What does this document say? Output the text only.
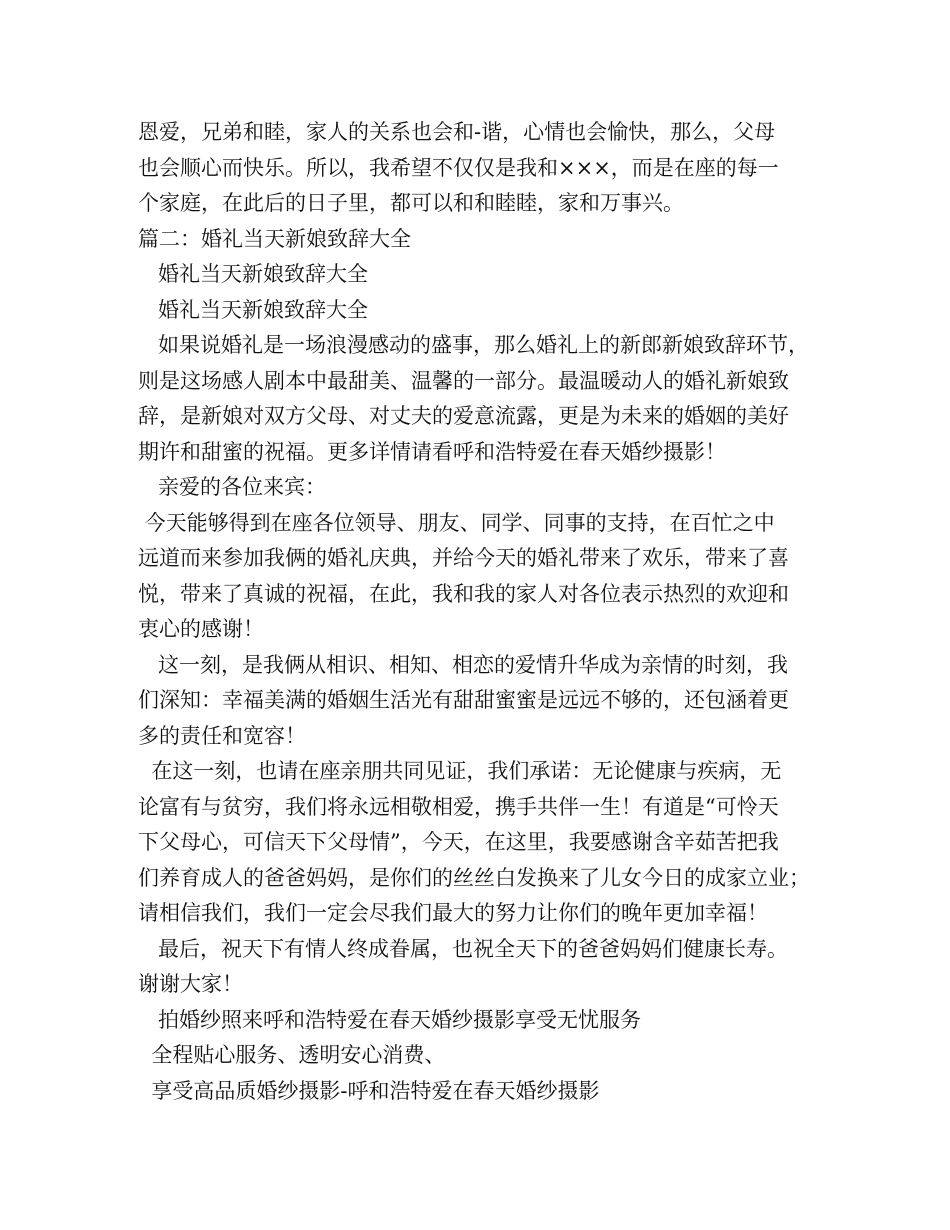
恩爱，兄弟和睦，家人的关系也会和-谐，心情也会愉快，那么，父母
也会顺心而快乐。所以，我希望不仅仅是我和×××，而是在座的每一
个家庭，在此后的日子里，都可以和和睦睦，家和万事兴。
篇二：婚礼当天新娘致辞大全
婚礼当天新娘致辞大全
婚礼当天新娘致辞大全
如果说婚礼是一场浪漫感动的盛事，那么婚礼上的新郎新娘致辞环节，
则是这场感人剧本中最甜美、温馨的一部分。最温暖动人的婚礼新娘致
辞，是新娘对双方父母、对丈夫的爱意流露，更是为未来的婚姻的美好
期许和甜蜜的祝福。更多详情请看呼和浩特爱在春天婚纱摄影！
亲爱的各位来宾：
今天能够得到在座各位领导、朋友、同学、同事的支持，在百忙之中
远道而来参加我俩的婚礼庆典，并给今天的婚礼带来了欢乐，带来了喜
悦，带来了真诚的祝福，在此，我和我的家人对各位表示热烈的欢迎和
衷心的感谢！
这一刻，是我俩从相识、相知、相恋的爱情升华成为亲情的时刻，我
们深知：幸福美满的婚姻生活光有甜甜蜜蜜是远远不够的，还包涵着更
多的责任和宽容！
在这一刻，也请在座亲朋共同见证，我们承诺：无论健康与疾病，无
论富有与贫穷，我们将永远相敬相爱，携手共伴一生！有道是“可怜天
下父母心，可信天下父母情”，今天，在这里，我要感谢含辛茹苦把我
们养育成人的爸爸妈妈，是你们的丝丝白发换来了儿女今日的成家立业；
请相信我们，我们一定会尽我们最大的努力让你们的晚年更加幸福！
最后，祝天下有情人终成眷属，也祝全天下的爸爸妈妈们健康长寿。
谢谢大家！
拍婚纱照来呼和浩特爱在春天婚纱摄影享受无忧服务
全程贴心服务、透明安心消费、
享受高品质婚纱摄影-呼和浩特爱在春天婚纱摄影
